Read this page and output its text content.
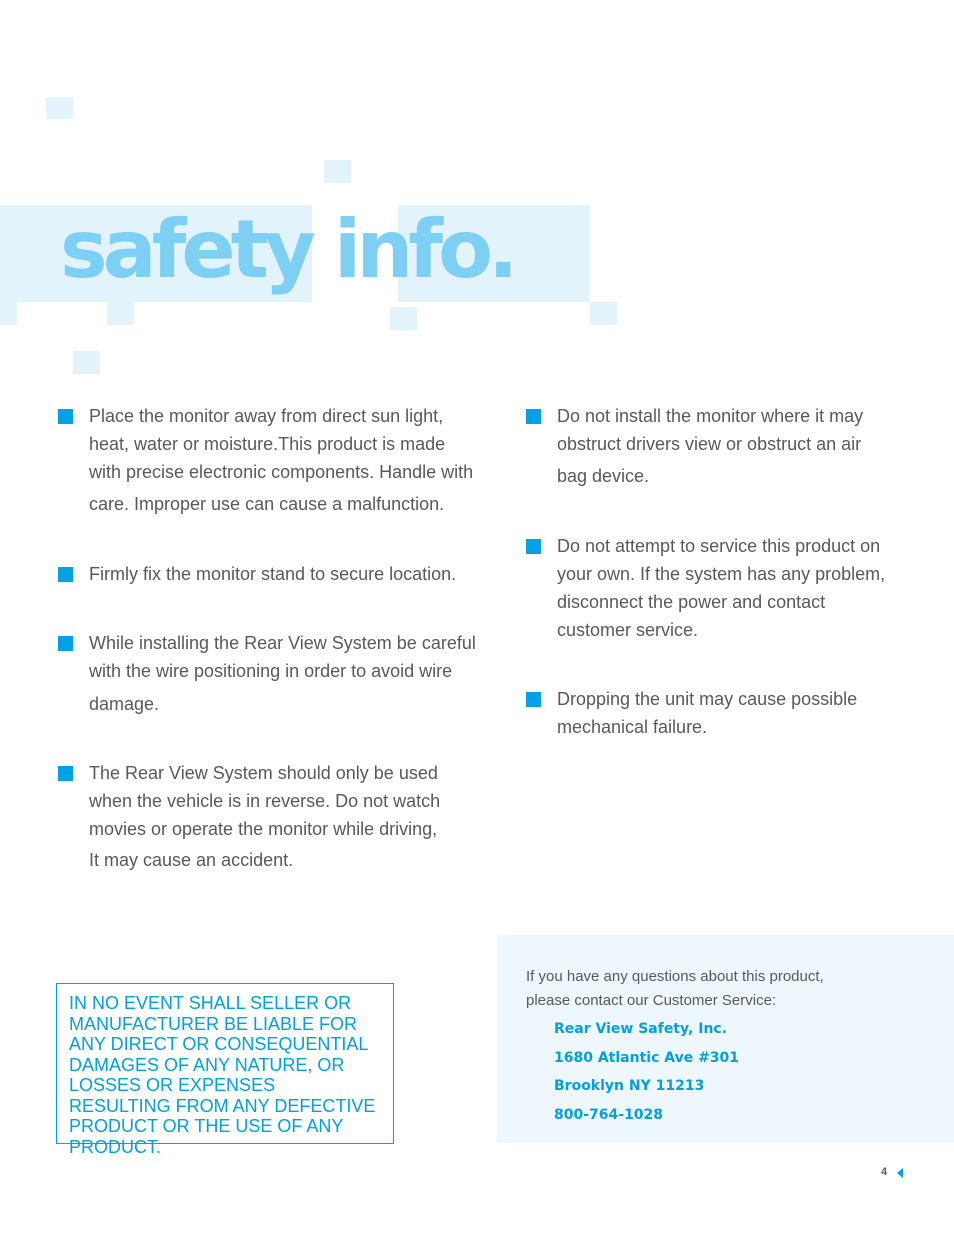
safety info.

Place the monitor away from direct sun light,

heat, water or moisture.This product is made

with precise electronic components. Handle with

care. Improper use can cause a malfunction.

Firmly fix the monitor stand to secure location.

While installing the Rear View System be careful

with the wire positioning in order to avoid wire

damage.

The Rear View System should only be used

when the vehicle is in reverse. Do not watch

movies or operate the monitor while driving,

It may cause an accident.

Do not install the monitor where it may

obstruct drivers view or obstruct an air

bag device.

Do not attempt to service this product on

your own. If the system has any problem,

disconnect the power and contact

customer service.

Dropping the unit may cause possible

mechanical failure.

IN NO EVENT SHALL SELLER OR MANUFACTURER BE LIABLE FOR ANY DIRECT OR CONSEQUENTIAL DAMAGES OF ANY NATURE, OR LOSSES OR EXPENSES RESULTING FROM ANY DEFECTIVE PRODUCT OR THE USE OF ANY PRODUCT.
If you have any questions about this product,
please contact our Customer Service:
Rear View Safety, Inc.
1680 Atlantic Ave #301
Brooklyn NY 11213
800-764-1028
4
